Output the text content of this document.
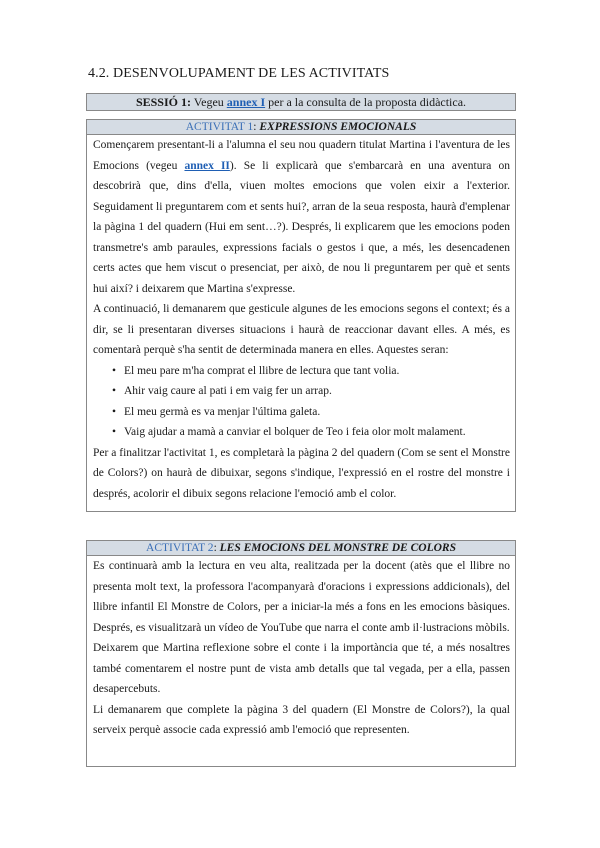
4.2. DESENVOLUPAMENT DE LES ACTIVITATS
SESSIÓ 1: Vegeu annex I per a la consulta de la proposta didàctica.
ACTIVITAT 1: EXPRESSIONS EMOCIONALS

Començarem presentant-li a l'alumna el seu nou quadern titulat Martina i l'aventura de les Emocions (vegeu annex II). Se li explicarà que s'embarcarà en una aventura on descobrirà que, dins d'ella, viuen moltes emocions que volen eixir a l'exterior. Seguidament li preguntarem com et sents hui?, arran de la seua resposta, haurà d'emplenar la pàgina 1 del quadern (Hui em sent…?). Després, li explicarem que les emocions poden transmetre's amb paraules, expressions facials o gestos i que, a més, les desencadenen certs actes que hem viscut o presenciat, per això, de nou li preguntarem per què et sents hui així? i deixarem que Martina s'expresse.

A continuació, li demanarem que gesticule algunes de les emocions segons el context; és a dir, se li presentaran diverses situacions i haurà de reaccionar davant elles. A més, es comentarà perquè s'ha sentit de determinada manera en elles. Aquestes seran:

• El meu pare m'ha comprat el llibre de lectura que tant volia.
• Ahir vaig caure al pati i em vaig fer un arrap.
• El meu germà es va menjar l'última galeta.
• Vaig ajudar a mamà a canviar el bolquer de Teo i feia olor molt malament.

Per a finalitzar l'activitat 1, es completarà la pàgina 2 del quadern (Com se sent el Monstre de Colors?) on haurà de dibuixar, segons s'indique, l'expressió en el rostre del monstre i després, acolorir el dibuix segons relacione l'emoció amb el color.

ACTIVITAT 2: LES EMOCIONS DEL MONSTRE DE COLORS

Es continuarà amb la lectura en veu alta, realitzada per la docent (atès que el llibre no presenta molt text, la professora l'acompanyarà d'oracions i expressions addicionals), del llibre infantil El Monstre de Colors, per a iniciar-la més a fons en les emocions bàsiques. Després, es visualitzarà un vídeo de YouTube que narra el conte amb il·lustracions mòbils.

Deixarem que Martina reflexione sobre el conte i la importància que té, a més nosaltres també comentarem el nostre punt de vista amb detalls que tal vegada, per a ella, passen desapercebuts.

Li demanarem que complete la pàgina 3 del quadern (El Monstre de Colors?), la qual serveix perquè associe cada expressió amb l'emoció que representen.
